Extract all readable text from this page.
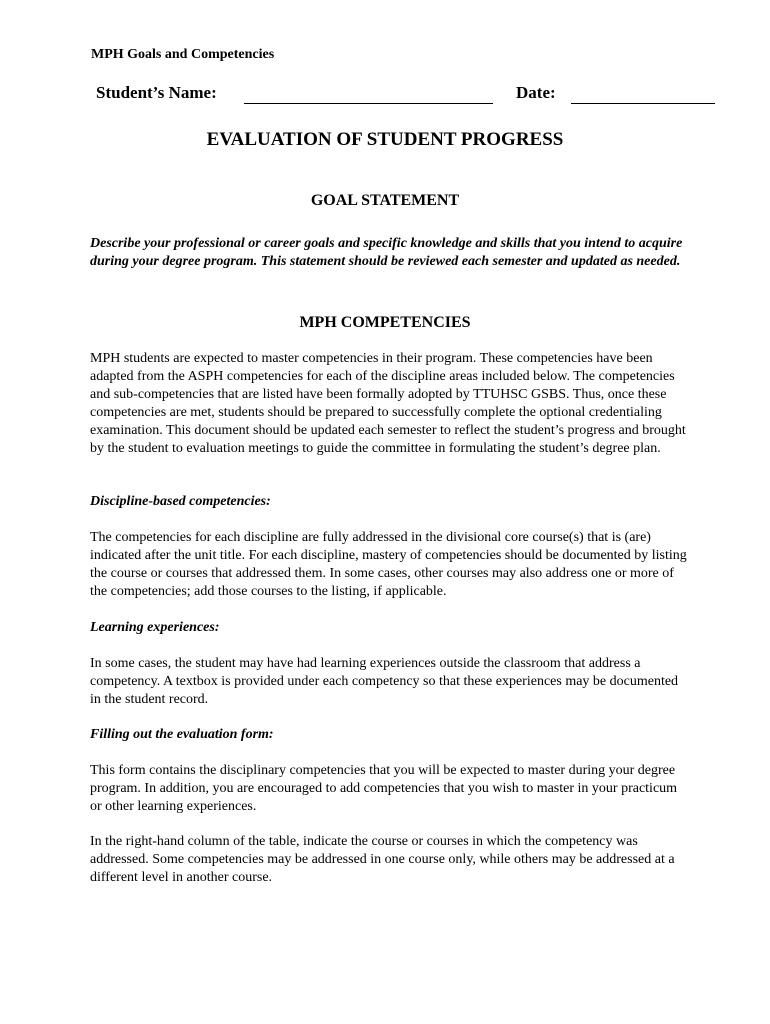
MPH Goals and Competencies
Student’s Name:	Date:
EVALUATION OF STUDENT PROGRESS
GOAL STATEMENT

Describe your professional or career goals and specific knowledge and skills that you intend to acquire during your degree program. This statement should be reviewed each semester and updated as needed.

MPH COMPETENCIES

MPH students are expected to master competencies in their program. These competencies have been adapted from the ASPH competencies for each of the discipline areas included below. The competencies and sub-competencies that are listed have been formally adopted by TTUHSC GSBS. Thus, once these competencies are met, students should be prepared to successfully complete the optional credentialing examination. This document should be updated each semester to reflect the student’s progress and brought by the student to evaluation meetings to guide the committee in formulating the student’s degree plan.

Discipline-based competencies:

The competencies for each discipline are fully addressed in the divisional core course(s) that is (are) indicated after the unit title. For each discipline, mastery of competencies should be documented by listing the course or courses that addressed them. In some cases, other courses may also address one or more of the competencies; add those courses to the listing, if applicable.

Learning experiences:

In some cases, the student may have had learning experiences outside the classroom that address a competency. A textbox is provided under each competency so that these experiences may be documented in the student record.

Filling out the evaluation form:

This form contains the disciplinary competencies that you will be expected to master during your degree program. In addition, you are encouraged to add competencies that you wish to master in your practicum or other learning experiences.

In the right-hand column of the table, indicate the course or courses in which the competency was addressed. Some competencies may be addressed in one course only, while others may be addressed at a different level in another course.
